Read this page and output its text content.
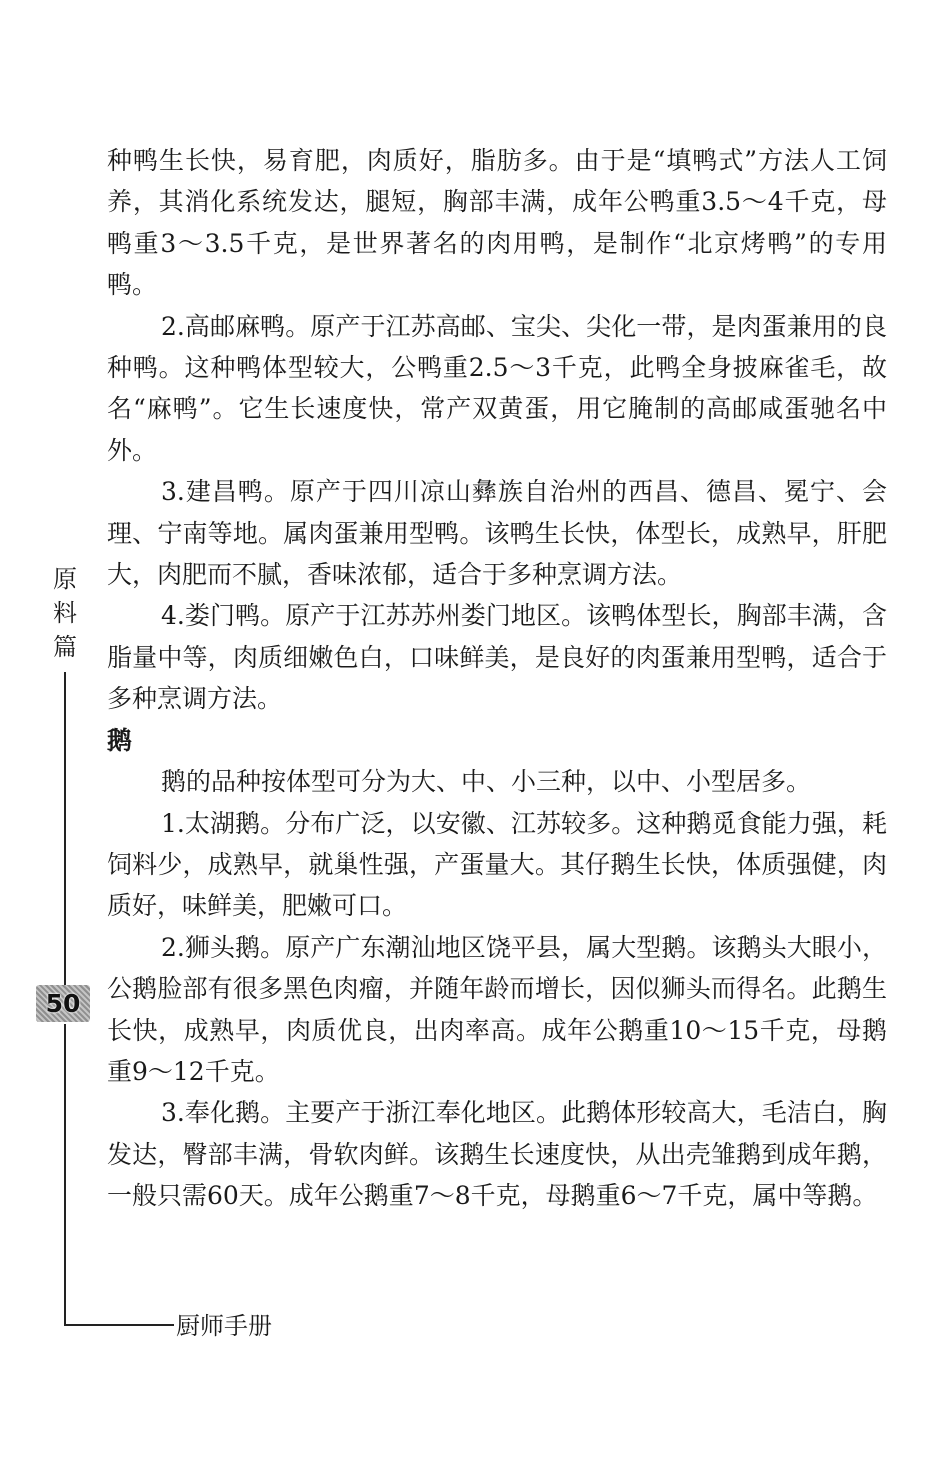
种鸭生长快，易育肥，肉质好，脂肪多。由于是“填鸭式”方法人工饲养，其消化系统发达，腿短，胸部丰满，成年公鸭重3.5～4千克，母鸭重3～3.5千克，是世界著名的肉用鸭，是制作“北京烤鸭”的专用鸭。

2.高邮麻鸭。原产于江苏高邮、宝尖、尖化一带，是肉蛋兼用的良种鸭。这种鸭体型较大，公鸭重2.5～3千克，此鸭全身披麻雀毛，故名“麻鸭”。它生长速度快，常产双黄蛋，用它腌制的高邮咸蛋驰名中外。

3.建昌鸭。原产于四川凉山彝族自治州的西昌、德昌、冕宁、会理、宁南等地。属肉蛋兼用型鸭。该鸭生长快，体型长，成熟早，肝肥大，肉肥而不腻，香味浓郁，适合于多种烹调方法。

4.娄门鸭。原产于江苏苏州娄门地区。该鸭体型长，胸部丰满，含脂量中等，肉质细嫩色白，口味鲜美，是良好的肉蛋兼用型鸭，适合于多种烹调方法。

鹅

鹅的品种按体型可分为大、中、小三种，以中、小型居多。

1.太湖鹅。分布广泛，以安徽、江苏较多。这种鹅觅食能力强，耗饲料少，成熟早，就巢性强，产蛋量大。其仔鹅生长快，体质强健，肉质好，味鲜美，肥嫩可口。

2.狮头鹅。原产广东潮汕地区饶平县，属大型鹅。该鹅头大眼小，公鹅脸部有很多黑色肉瘤，并随年龄而增长，因似狮头而得名。此鹅生长快，成熟早，肉质优良，出肉率高。成年公鹅重10～15千克，母鹅重9～12千克。

3.奉化鹅。主要产于浙江奉化地区。此鹅体形较高大，毛洁白，胸发达，臀部丰满，骨软肉鲜。该鹅生长速度快，从出壳雏鹅到成年鹅，一般只需60天。成年公鹅重7～8千克，母鹅重6～7千克，属中等鹅。

原
料
篇
50
厨师手册
